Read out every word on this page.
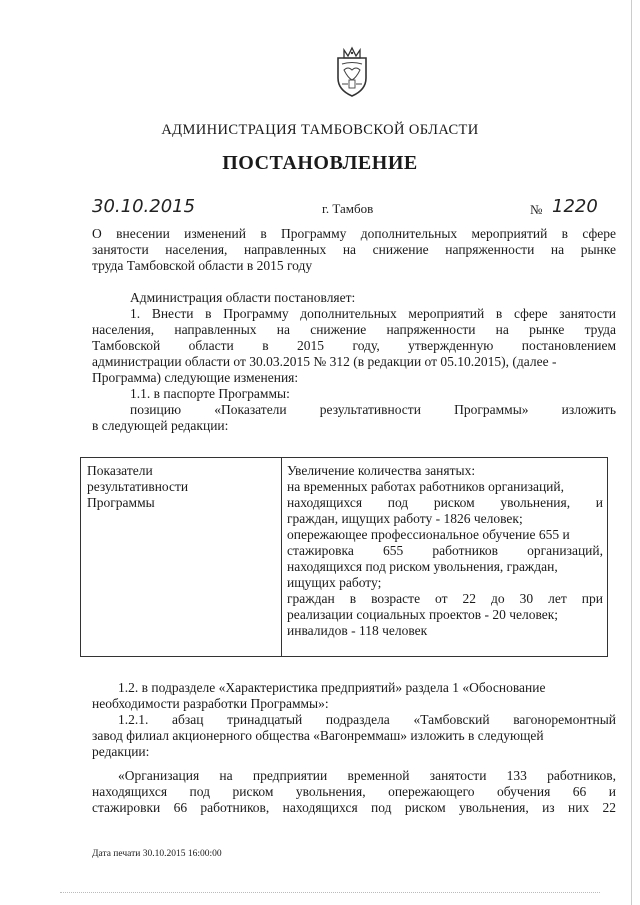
АДМИНИСТРАЦИЯ ТАМБОВСКОЙ ОБЛАСТИ
ПОСТАНОВЛЕНИЕ
30.10.2015	г. Тамбов	№ 1220
О внесении изменений в Программу дополнительных мероприятий в сфере
занятости населения, направленных на снижение напряженности на рынке
труда Тамбовской области в 2015 году
Администрация области постановляет:
1. Внести в Программу дополнительных мероприятий в сфере занятости
населения, направленных на снижение напряженности на рынке труда
Тамбовской области в 2015 году, утвержденную постановлением
администрации области от 30.03.2015 № 312 (в редакции от 05.10.2015), (далее -
Программа) следующие изменения:
1.1. в паспорте Программы:
позицию «Показатели результативности Программы» изложить
в следующей редакции:
Показатели
результативности
Программы
Увеличение количества занятых:
на временных работах работников организаций,
находящихся под риском увольнения, и
граждан, ищущих работу - 1826 человек;
опережающее профессиональное обучение 655 и
стажировка 655 работников организаций,
находящихся под риском увольнения, граждан,
ищущих работу;
граждан в возрасте от 22 до 30 лет при
реализации социальных проектов - 20 человек;
инвалидов - 118 человек
1.2. в подразделе «Характеристика предприятий» раздела 1 «Обоснование
необходимости разработки Программы»:
1.2.1. абзац тринадцатый подраздела «Тамбовский вагоноремонтный
завод филиал акционерного общества «Вагонреммаш» изложить в следующей
редакции:
«Организация на предприятии временной занятости 133 работников,
находящихся под риском увольнения, опережающего обучения 66 и
стажировки 66 работников, находящихся под риском увольнения, из них 22
Дата печати 30.10.2015 16:00:00
